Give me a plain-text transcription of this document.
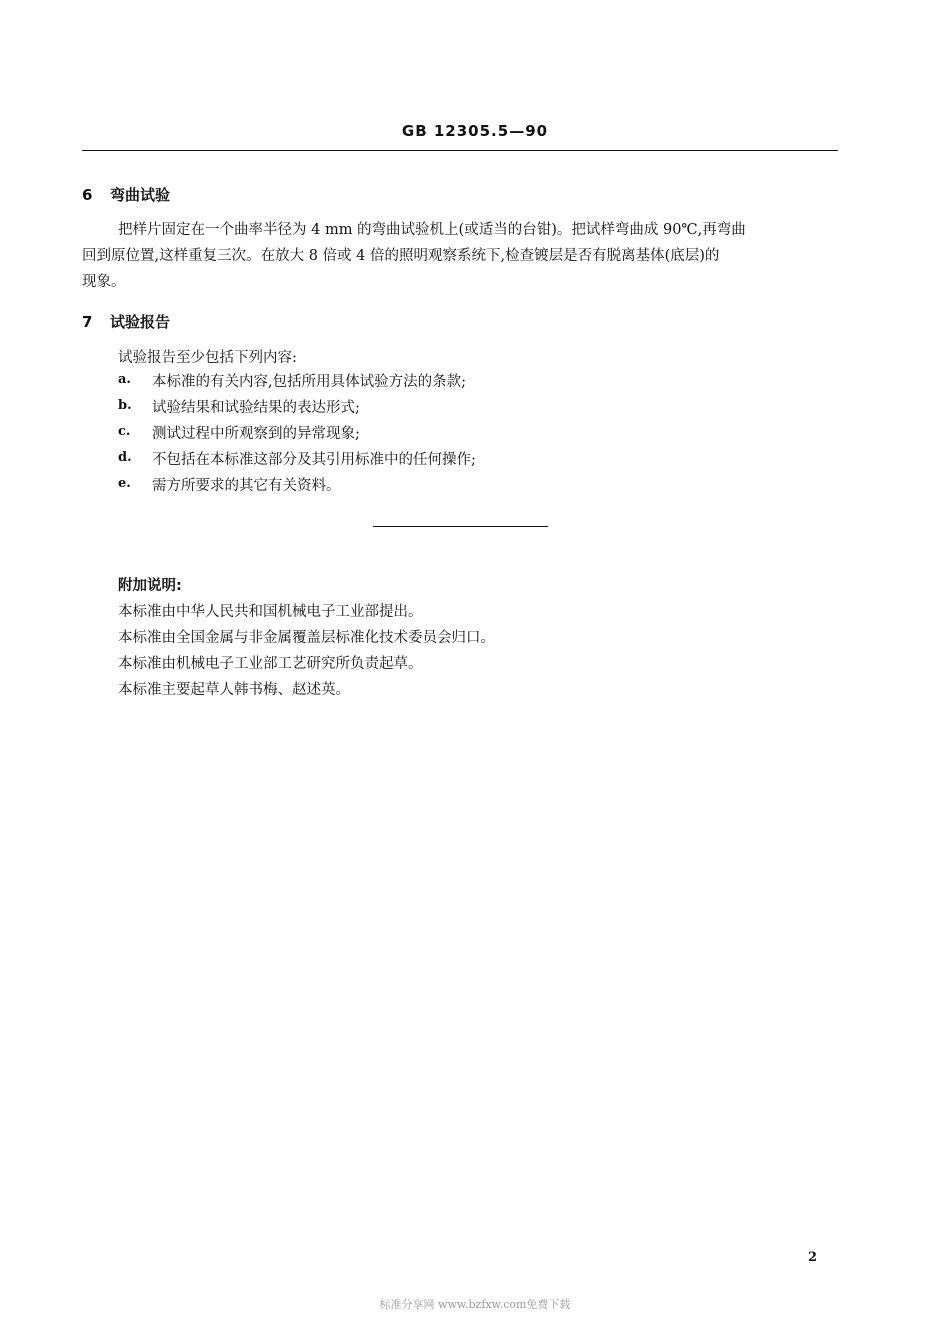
GB 12305.5—90
6 弯曲试验
把样片固定在一个曲率半径为 4 mm 的弯曲试验机上(或适当的台钳)。把试样弯曲成 90℃,再弯曲
回到原位置,这样重复三次。在放大 8 倍或 4 倍的照明观察系统下,检查镀层是否有脱离基体(底层)的
现象。
7 试验报告
试验报告至少包括下列内容:
a. 本标准的有关内容,包括所用具体试验方法的条款;
b. 试验结果和试验结果的表达形式;
c. 测试过程中所观察到的异常现象;
d. 不包括在本标准这部分及其引用标准中的任何操作;
e. 需方所要求的其它有关资料。
附加说明:
本标准由中华人民共和国机械电子工业部提出。
本标准由全国金属与非金属覆盖层标准化技术委员会归口。
本标准由机械电子工业部工艺研究所负责起草。
本标准主要起草人韩书梅、赵述英。
2
标准分享网 www.bzfxw.com免费下载
